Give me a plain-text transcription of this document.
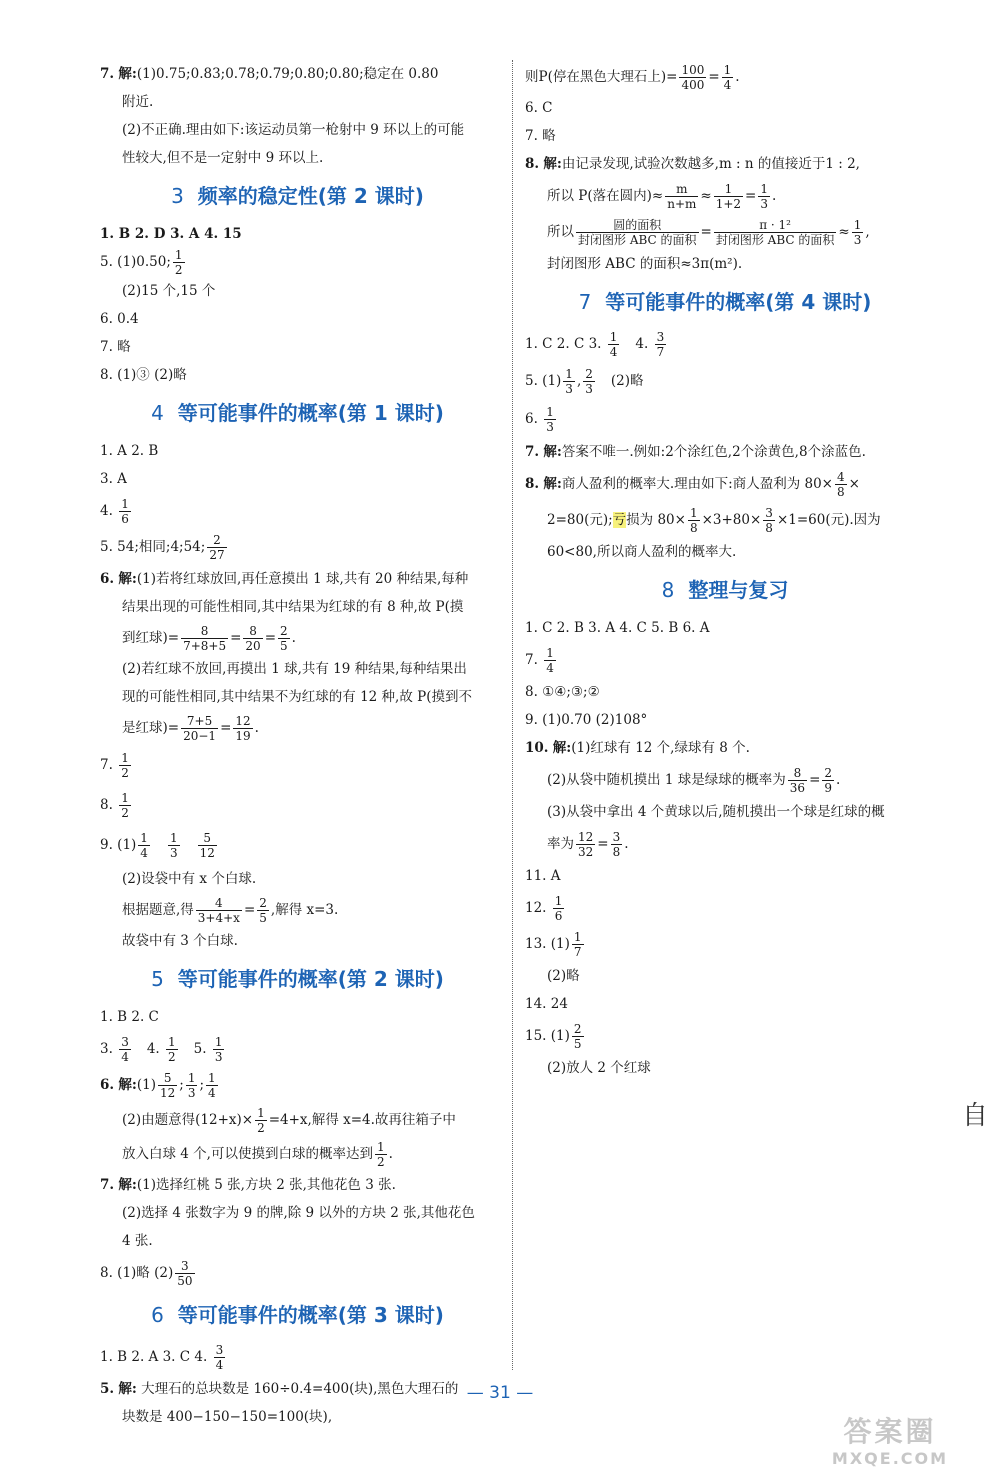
7. 解:(1)0.75;0.83;0.78;0.79;0.80;0.80;稳定在 0.80
附近.
(2)不正确.理由如下:该运动员第一枪射中 9 环以上的可能
性较大,但不是一定射中 9 环以上.
3 频率的稳定性(第 2 课时)
1. B 2. D 3. A 4. 15
5. (1)0.50; $\frac{1}{2}$
(2)15 个,15 个
6. 0.4
7. 略
8. (1)③ (2)略
4 等可能事件的概率(第 1 课时)
1. A 2. B
3. A
4. $\frac{1}{6}$
5. 54;相同;4;54; $\frac{2}{27}$
6. 解:(1)若将红球放回,再任意摸出 1 球,共有 20 种结果,每种
结果出现的可能性相同,其中结果为红球的有 8 种,故 P(摸
到红球)= $\frac{8}{7+8+5} = \frac{8}{20} = \frac{2}{5}$ .
(2)若红球不放回,再摸出 1 球,共有 19 种结果,每种结果出
现的可能性相同,其中结果不为红球的有 12 种,故 P(摸到不
是红球)= $\frac{7+5}{20-1} = \frac{12}{19}$ .
7. $\frac{1}{2}$
8. $\frac{1}{2}$
9. $(1) \frac{1}{4} \frac{1}{3} \frac{5}{12}$
(2)设袋中有 x 个白球.
根据题意,得 $\frac{4}{3+4+x} = \frac{2}{5}$ ,解得 x=3.
故袋中有 3 个白球.
5 等可能事件的概率(第 2 课时)
1. B 2. C
3. $\frac{3}{4} 4$. $\frac{1}{2} 5$. $\frac{1}{3}$
6. 解:(1) $\frac{5}{12}$ ; $\frac{1}{3}$ ; $\frac{1}{4}$
(2)由题意得$(12+x)\times \frac{1}{2} =4+x$,解得 x=4.故再往箱子中
放入白球 4 个,可以使摸到白球的概率达到 $\frac{1}{2}$ .
7. 解:(1)选择红桃 5 张,方块 2 张,其他花色 3 张.
(2)选择 4 张数字为 9 的牌,除 9 以外的方块 2 张,其他花色
4 张.
8. (1)略 $(2) \frac{3}{50}$
6 等可能事件的概率(第 3 课时)
1. B 2. A 3. C 4. $\frac{3}{4}$
5. 解: 大理石的总块数是 160÷0.4=400(块),黑色大理石的
块数是 400−150−150=100(块),
则P(停在黑色大理石上)= $\frac{100}{400} = \frac{1}{4}$ .
6. C
7. 略
8. 解:由记录发现,试验次数越多,m : n 的值接近于1 : 2,
所以 P(落在圆内)≈ $\frac{m}{n+m} \approx \frac{1}{1+2} = \frac{1}{3}$ .
所以 $\frac{\text{圆的面积}}{\text{封闭图形 ABC 的面积}} = \frac{\text{π · 1²}}{\text{封闭图形 ABC 的面积}} \approx \frac{1}{3}$ ,
封闭图形 ABC 的面积≈3π(m²).
7 等可能事件的概率(第 4 课时)
1. C 2. C 3. $\frac{1}{4} 4$. $\frac{3}{7}$
5. $(1) \frac{1}{3}$ , $\frac{2}{3} (2)$略
6. $\frac{1}{3}$
7. 解:答案不唯一.例如:2个涂红色,2个涂黄色,8个涂蓝色.
8. 解:商人盈利的概率大.理由如下:商人盈利为 $80\times \frac{4}{8}$ ×
2=80(元);亏损为 $80\times \frac{1}{8} \times 3+80\times \frac{3}{8} \times 1=60$(元).因为
60<80,所以商人盈利的概率大.
8 整理与复习
1. C 2. B 3. A 4. C 5. B 6. A
7. $\frac{1}{4}$
8. ①④;③;②
9. (1)0.70 (2)108°
10. 解:(1)红球有 12 个,绿球有 8 个.
(2)从袋中随机摸出 1 球是绿球的概率为 $\frac{8}{36} = \frac{2}{9}$ .
(3)从袋中拿出 4 个黄球以后,随机摸出一个球是红球的概
率为 $\frac{12}{32} = \frac{3}{8}$ .
11. A
12. $\frac{1}{6}$
13. $(1) \frac{1}{7}$
(2)略
14. 24
15. $(1) \frac{2}{5}$
(2)放人 2 个红球
自
— 31 —
答案圈
MXQE.COM
